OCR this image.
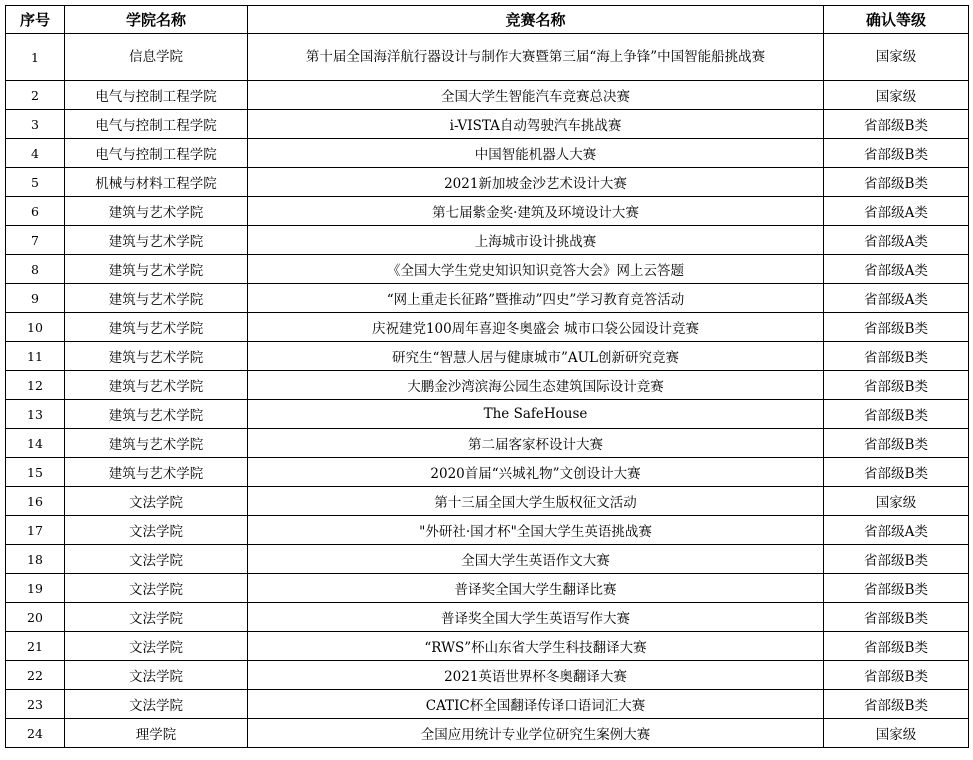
序号	学院名称	竞赛名称	确认等级
1	信息学院	第十届全国海洋航行器设计与制作大赛暨第三届“海上争锋”中国智能船挑战赛	国家级
2	电气与控制工程学院	全国大学生智能汽车竞赛总决赛	国家级
3	电气与控制工程学院	i-VISTA自动驾驶汽车挑战赛	省部级B类
4	电气与控制工程学院	中国智能机器人大赛	省部级B类
5	机械与材料工程学院	2021新加坡金沙艺术设计大赛	省部级B类
6	建筑与艺术学院	第七届紫金奖·建筑及环境设计大赛	省部级A类
7	建筑与艺术学院	上海城市设计挑战赛	省部级A类
8	建筑与艺术学院	《全国大学生党史知识知识竞答大会》网上云答题	省部级A类
9	建筑与艺术学院	“网上重走长征路”暨推动”四史”学习教育竞答活动	省部级A类
10	建筑与艺术学院	庆祝建党100周年喜迎冬奥盛会 城市口袋公园设计竞赛	省部级B类
11	建筑与艺术学院	研究生“智慧人居与健康城市”AUL创新研究竞赛	省部级B类
12	建筑与艺术学院	大鹏金沙湾滨海公园生态建筑国际设计竞赛	省部级B类
13	建筑与艺术学院	The SafeHouse	省部级B类
14	建筑与艺术学院	第二届客家杯设计大赛	省部级B类
15	建筑与艺术学院	2020首届“兴城礼物”文创设计大赛	省部级B类
16	文法学院	第十三届全国大学生版权征文活动	国家级
17	文法学院	"外研社·国才杯"全国大学生英语挑战赛	省部级A类
18	文法学院	全国大学生英语作文大赛	省部级B类
19	文法学院	普译奖全国大学生翻译比赛	省部级B类
20	文法学院	普译奖全国大学生英语写作大赛	省部级B类
21	文法学院	“RWS”杯山东省大学生科技翻译大赛	省部级B类
22	文法学院	2021英语世界杯冬奥翻译大赛	省部级B类
23	文法学院	CATIC杯全国翻译传译口语词汇大赛	省部级B类
24	理学院	全国应用统计专业学位研究生案例大赛	国家级
